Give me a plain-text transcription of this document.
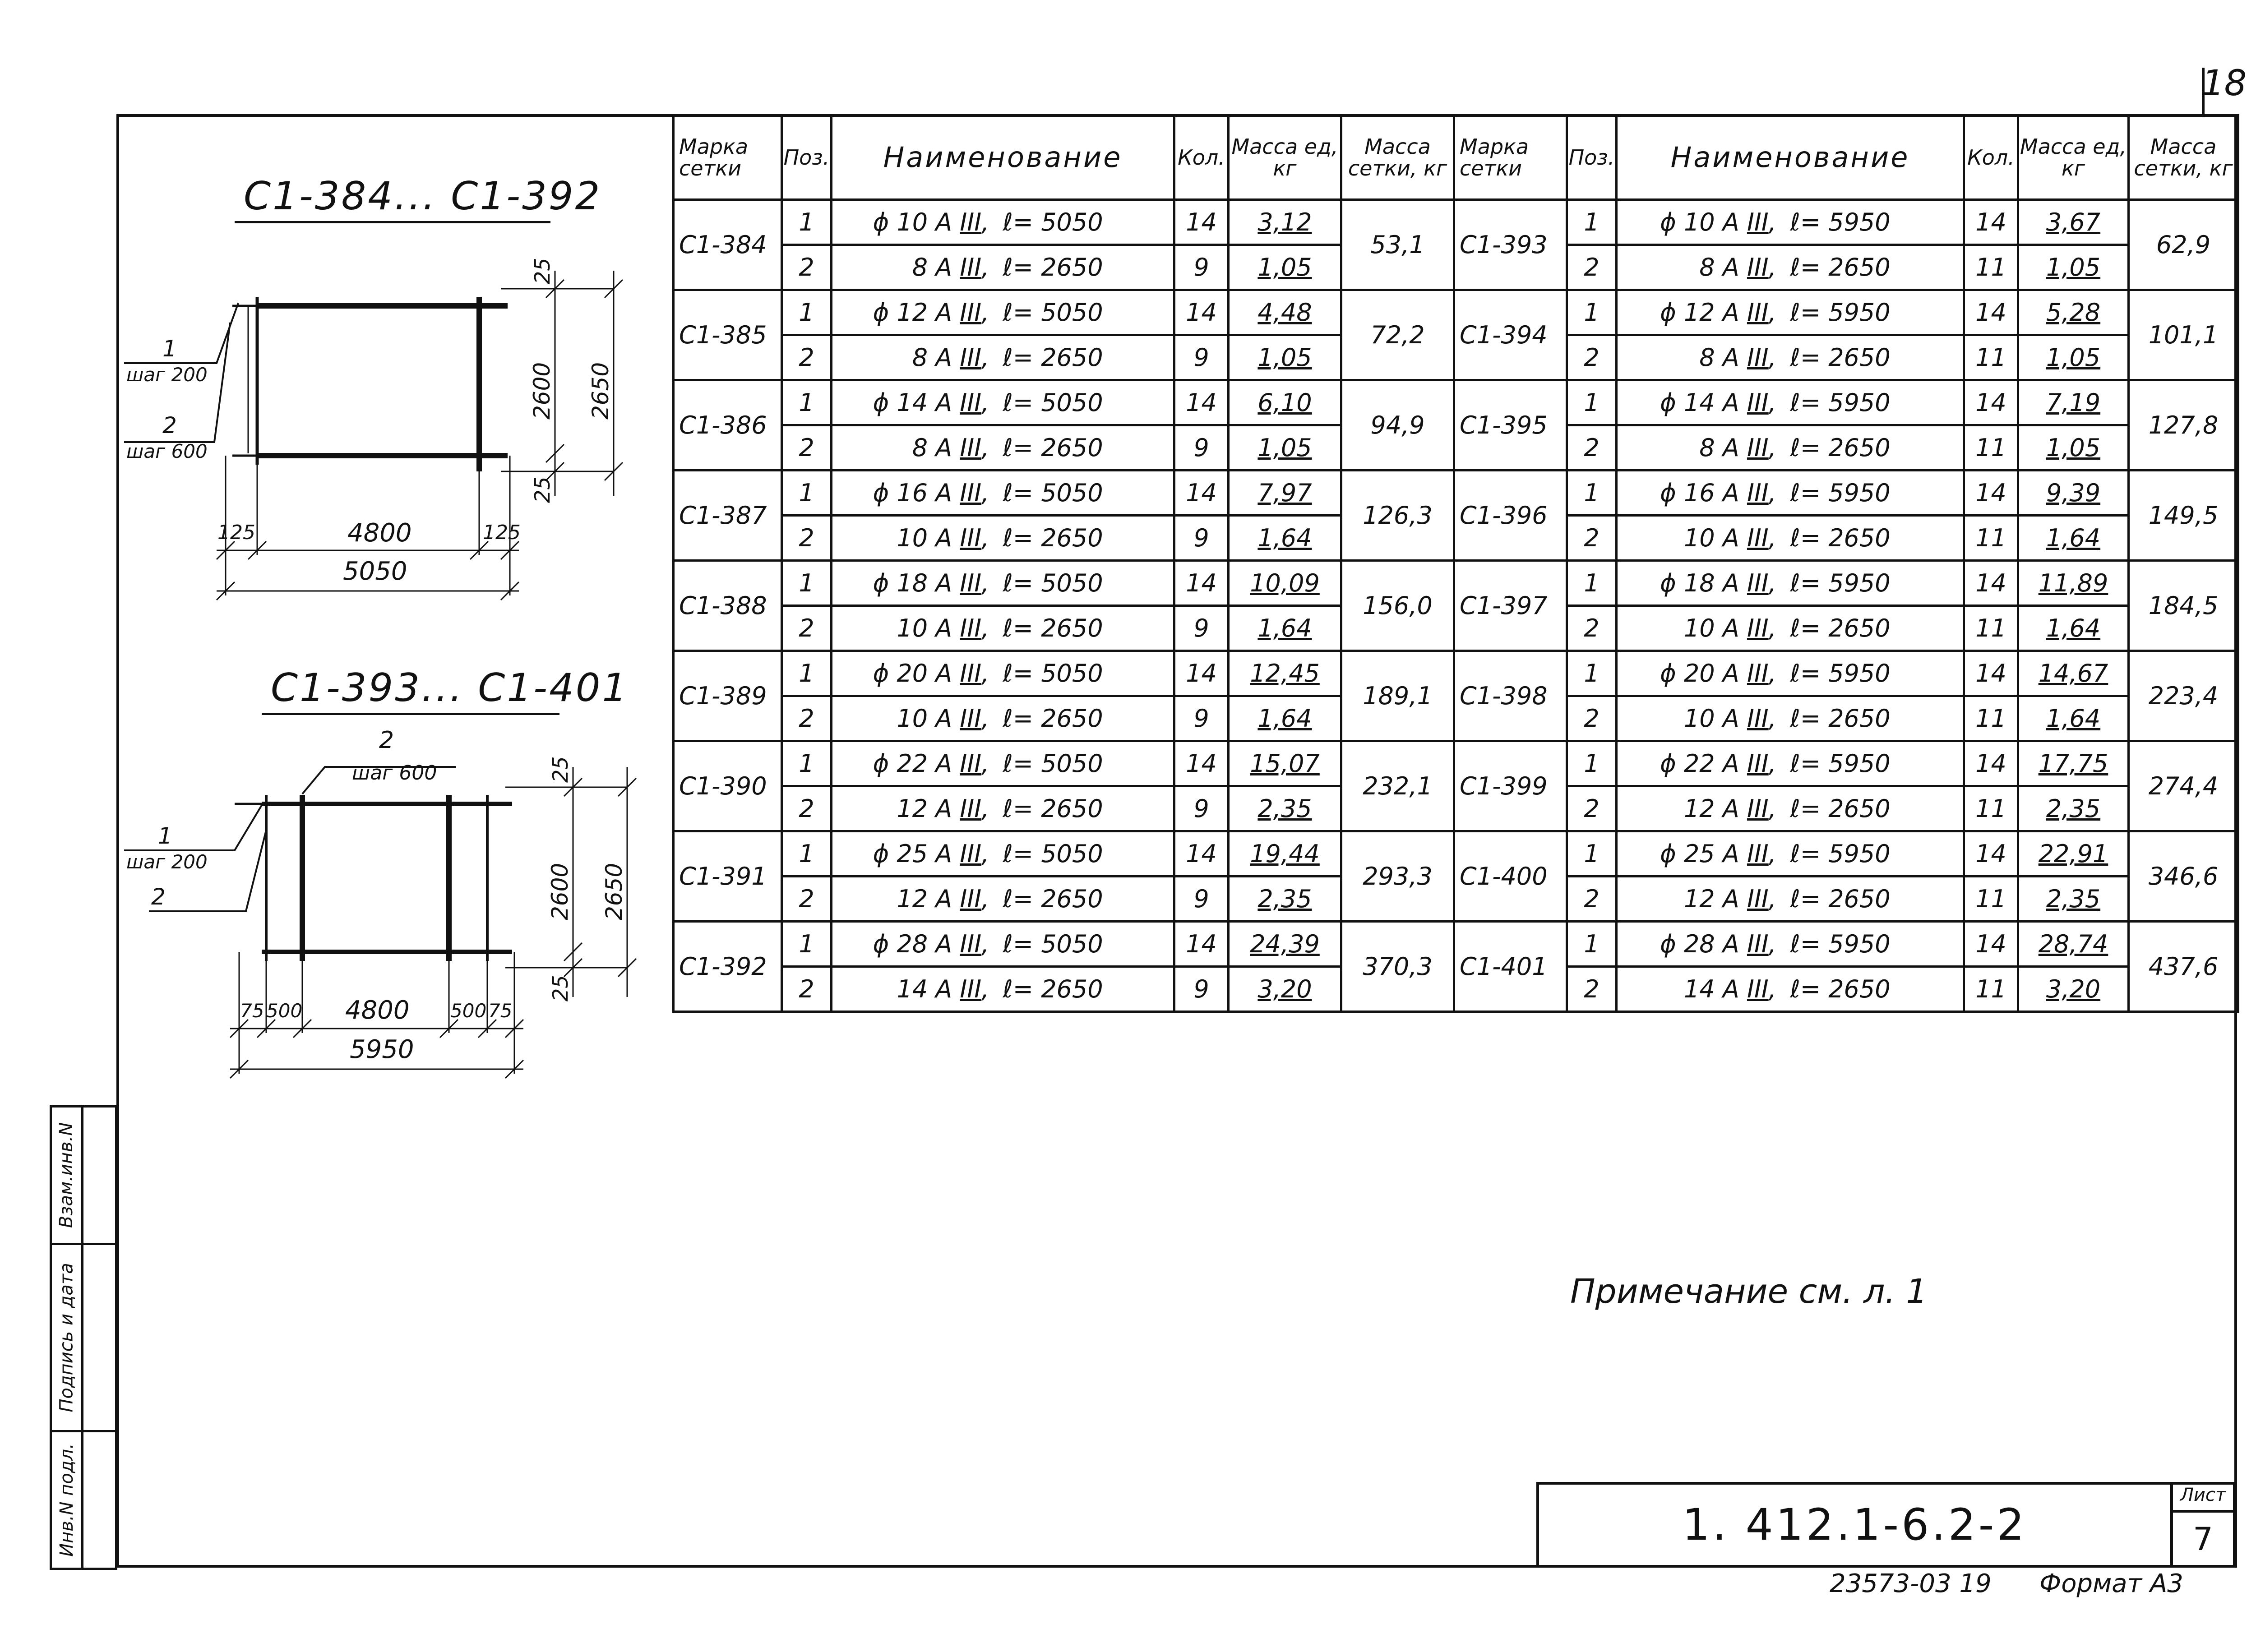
18
Взам.инв.N
Подпись и дата
Инв.N подл.
С1-384... С1-392
1
шаг 200
2
шаг 600
25
2600 2650
25
125	4800	125
5050
С1-393... С1-401
2
шаг 600
1
шаг 200
2
25
2600 2650
25
75 500 4800 500 75
5950
Марка сетки	Поз.	Наименование	Кол.	Масса ед, кг	Масса сетки, кг
С1-384	1	ϕ 10 А III, ℓ= 5050	14	3,12	53,1
	2	8 А III, ℓ= 2650	9	1,05	
С1-385	1	ϕ 12 А III, ℓ= 5050	14	4,48	72,2
	2	8 А III, ℓ= 2650	9	1,05	
С1-386	1	ϕ 14 А III, ℓ= 5050	14	6,10	94,9
	2	8 А III, ℓ= 2650	9	1,05	
С1-387	1	ϕ 16 А III, ℓ= 5050	14	7,97	126,3
	2	10 А III, ℓ= 2650	9	1,64	
С1-388	1	ϕ 18 А III, ℓ= 5050	14	10,09	156,0
	2	10 А III, ℓ= 2650	9	1,64	
С1-389	1	ϕ 20 А III, ℓ= 5050	14	12,45	189,1
	2	10 А III, ℓ= 2650	9	1,64	
С1-390	1	ϕ 22 А III, ℓ= 5050	14	15,07	232,1
	2	12 А III, ℓ= 2650	9	2,35	
С1-391	1	ϕ 25 А III, ℓ= 5050	14	19,44	293,3
	2	12 А III, ℓ= 2650	9	2,35	
С1-392	1	ϕ 28 А III, ℓ= 5050	14	24,39	370,3
	2	14 А III, ℓ= 2650	9	3,20	
Марка сетки	Поз.	Наименование	Кол.	Масса ед, кг	Масса сетки, кг
С1-393	1	ϕ 10 А III, ℓ= 5950	14	3,67	62,9
	2	8 А III, ℓ= 2650	11	1,05	
С1-394	1	ϕ 12 А III, ℓ= 5950	14	5,28	101,1
	2	8 А III, ℓ= 2650	11	1,05	
С1-395	1	ϕ 14 А III, ℓ= 5950	14	7,19	127,8
	2	8 А III, ℓ= 2650	11	1,05	
С1-396	1	ϕ 16 А III, ℓ= 5950	14	9,39	149,5
	2	10 А III, ℓ= 2650	11	1,64	
С1-397	1	ϕ 18 А III, ℓ= 5950	14	11,89	184,5
	2	10 А III, ℓ= 2650	11	1,64	
С1-398	1	ϕ 20 А III, ℓ= 5950	14	14,67	223,4
	2	10 А III, ℓ= 2650	11	1,64	
С1-399	1	ϕ 22 А III, ℓ= 5950	14	17,75	274,4
	2	12 А III, ℓ= 2650	11	2,35	
С1-400	1	ϕ 25 А III, ℓ= 5950	14	22,91	346,6
	2	12 А III, ℓ= 2650	11	2,35	
С1-401	1	ϕ 28 А III, ℓ= 5950	14	28,74	437,6
	2	14 А III, ℓ= 2650	11	3,20	
Примечание см. л. 1
1. 412.1-6.2-2
Лист
7
23573-03 19 Формат А3
